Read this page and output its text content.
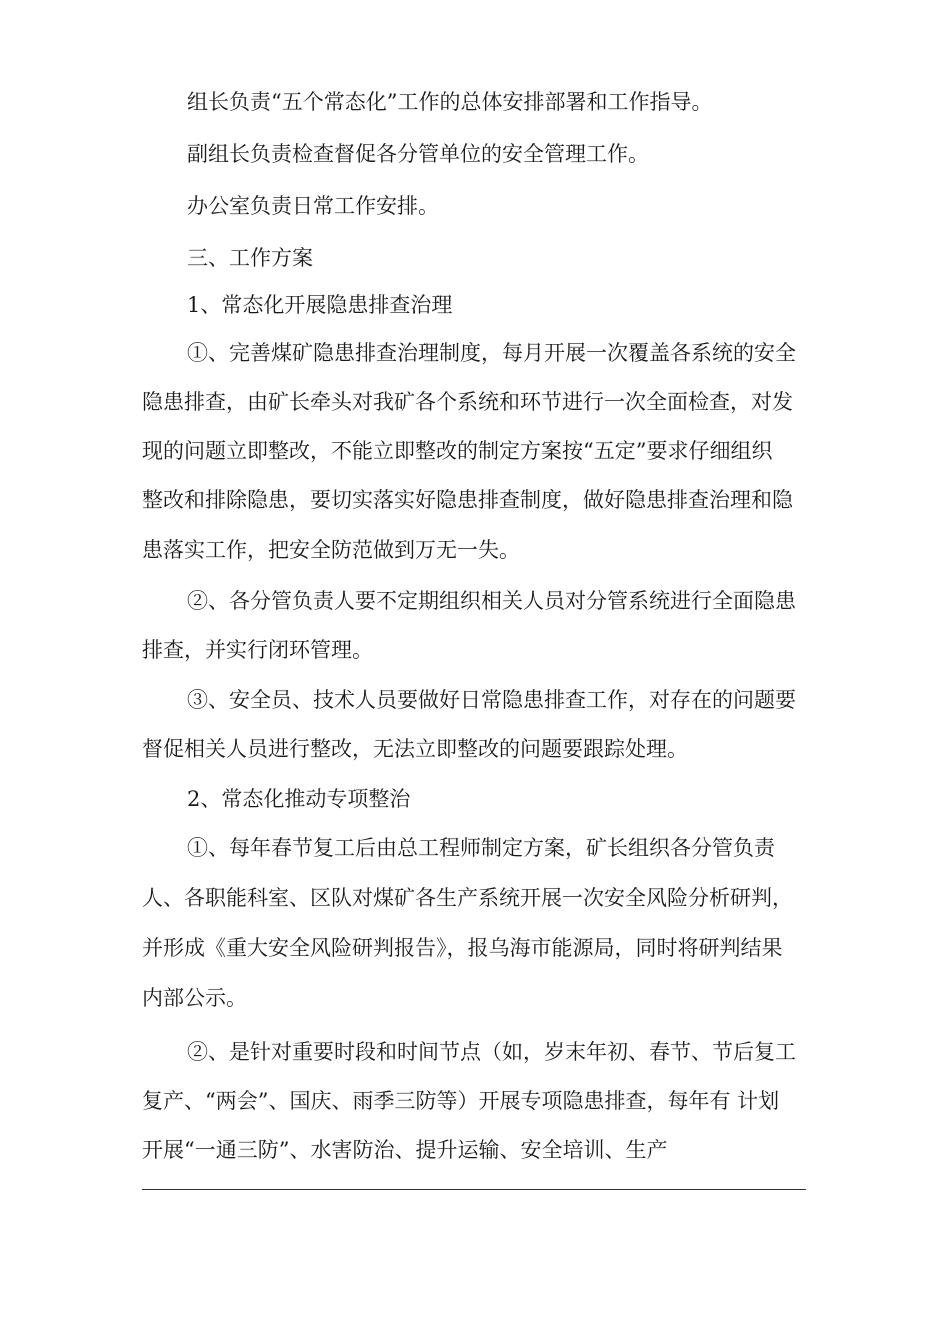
组长负责“五个常态化”工作的总体安排部署和工作指导。

副组长负责检查督促各分管单位的安全管理工作。

办公室负责日常工作安排。

三、工作方案

1、常态化开展隐患排查治理

①、完善煤矿隐患排查治理制度，每月开展一次覆盖各系统的安全

隐患排查，由矿长牵头对我矿各个系统和环节进行一次全面检查，对发

现的问题立即整改，不能立即整改的制定方案按“五定”要求仔细组织

整改和排除隐患，要切实落实好隐患排查制度，做好隐患排查治理和隐

患落实工作，把安全防范做到万无一失。

②、各分管负责人要不定期组织相关人员对分管系统进行全面隐患

排查，并实行闭环管理。

③、安全员、技术人员要做好日常隐患排查工作，对存在的问题要

督促相关人员进行整改，无法立即整改的问题要跟踪处理。

2、常态化推动专项整治

①、每年春节复工后由总工程师制定方案，矿长组织各分管负责

人、各职能科室、区队对煤矿各生产系统开展一次安全风险分析研判，

并形成《重大安全风险研判报告》，报乌海市能源局，同时将研判结果

内部公示。

②、是针对重要时段和时间节点（如，岁末年初、春节、节后复工

复产、“两会”、国庆、雨季三防等）开展专项隐患排查，每年有 计划

开展“一通三防”、水害防治、提升运输、安全培训、生产
